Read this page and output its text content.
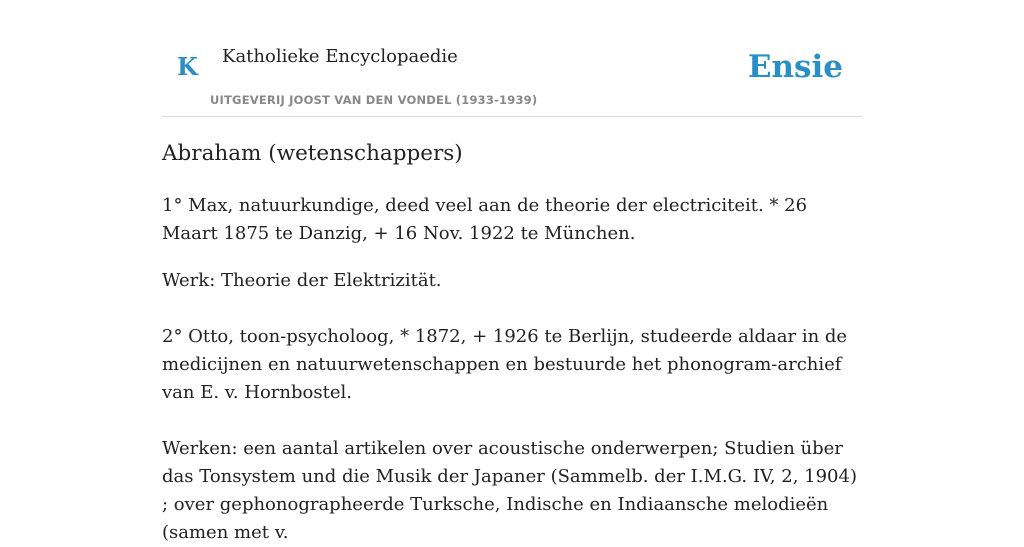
K Katholieke Encyclopaedie
UITGEVERIJ JOOST VAN DEN VONDEL (1933-1939)
Ensie
Abraham (wetenschappers)

1° Max, natuurkundige, deed veel aan de theorie der electriciteit. * 26 Maart 1875 te Danzig, + 16 Nov. 1922 te München.

Werk: Theorie der Elektrizität.

2° Otto, toon-psycholoog, * 1872, + 1926 te Berlijn, studeerde aldaar in de medicijnen en natuurwetenschappen en bestuurde het phonogram-archief van E. v. Hornbostel.

Werken: een aantal artikelen over acoustische onderwerpen; Studien über das Tonsystem und die Musik der Japaner (Sammelb. der I.M.G. IV, 2, 1904) ; over gephonographeerde Turksche, Indische en Indiaansche melodieën (samen met v.
